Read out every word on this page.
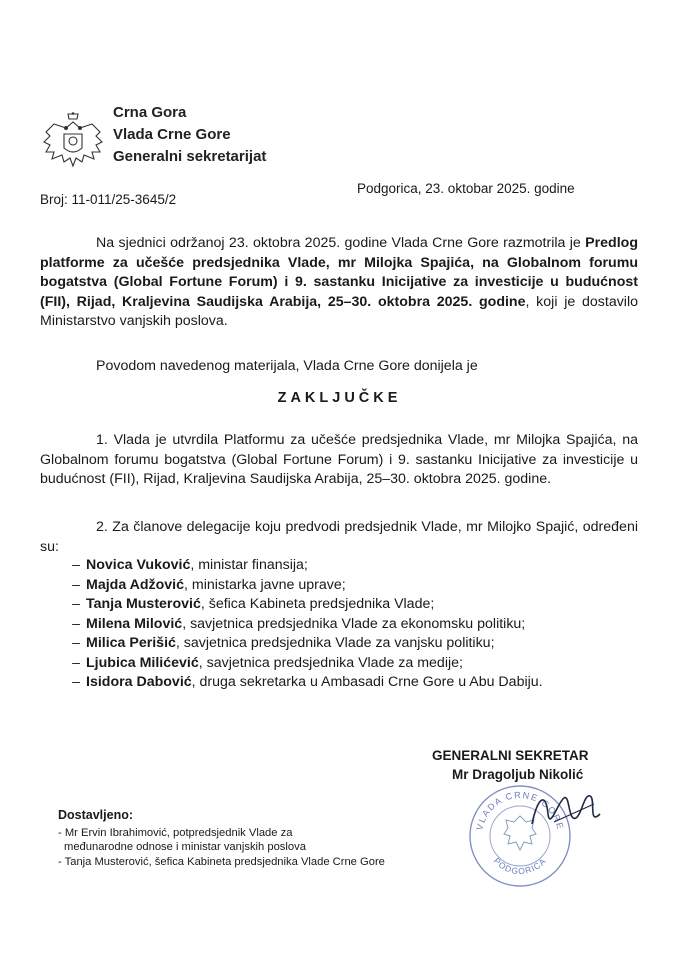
Crna Gora
Vlada Crne Gore
Generalni sekretarijat
Broj: 11-011/25-3645/2
Podgorica, 23. oktobar 2025. godine
Na sjednici održanoj 23. oktobra 2025. godine Vlada Crne Gore razmotrila je Predlog platforme za učešće predsjednika Vlade, mr Milojka Spajića, na Globalnom forumu bogatstva (Global Fortune Forum) i 9. sastanku Inicijative za investicije u budućnost (FII), Rijad, Kraljevina Saudijska Arabija, 25–30. oktobra 2025. godine, koji je dostavilo Ministarstvo vanjskih poslova.
Povodom navedenog materijala, Vlada Crne Gore donijela je
ZAKLJUČKE
1. Vlada je utvrdila Platformu za učešće predsjednika Vlade, mr Milojka Spajića, na Globalnom forumu bogatstva (Global Fortune Forum) i 9. sastanku Inicijative za investicije u budućnost (FII), Rijad, Kraljevina Saudijska Arabija, 25–30. oktobra 2025. godine.
2. Za članove delegacije koju predvodi predsjednik Vlade, mr Milojko Spajić, određeni su:
– Novica Vuković, ministar finansija;
– Majda Adžović, ministarka javne uprave;
– Tanja Musterović, šefica Kabineta predsjednika Vlade;
– Milena Milović, savjetnica predsjednika Vlade za ekonomsku politiku;
– Milica Perišić, savjetnica predsjednika Vlade za vanjsku politiku;
– Ljubica Milićević, savjetnica predsjednika Vlade za medije;
– Isidora Dabović, druga sekretarka u Ambasadi Crne Gore u Abu Dabiju.
VLADA CRNE GORE
PODGORICA
GENERALNI SEKRETAR
Mr Dragoljub Nikolić
Dostavljeno:
- Mr Ervin Ibrahimović, potpredsjednik Vlade za
međunarodne odnose i ministar vanjskih poslova
- Tanja Musterović, šefica Kabineta predsjednika Vlade Crne Gore
